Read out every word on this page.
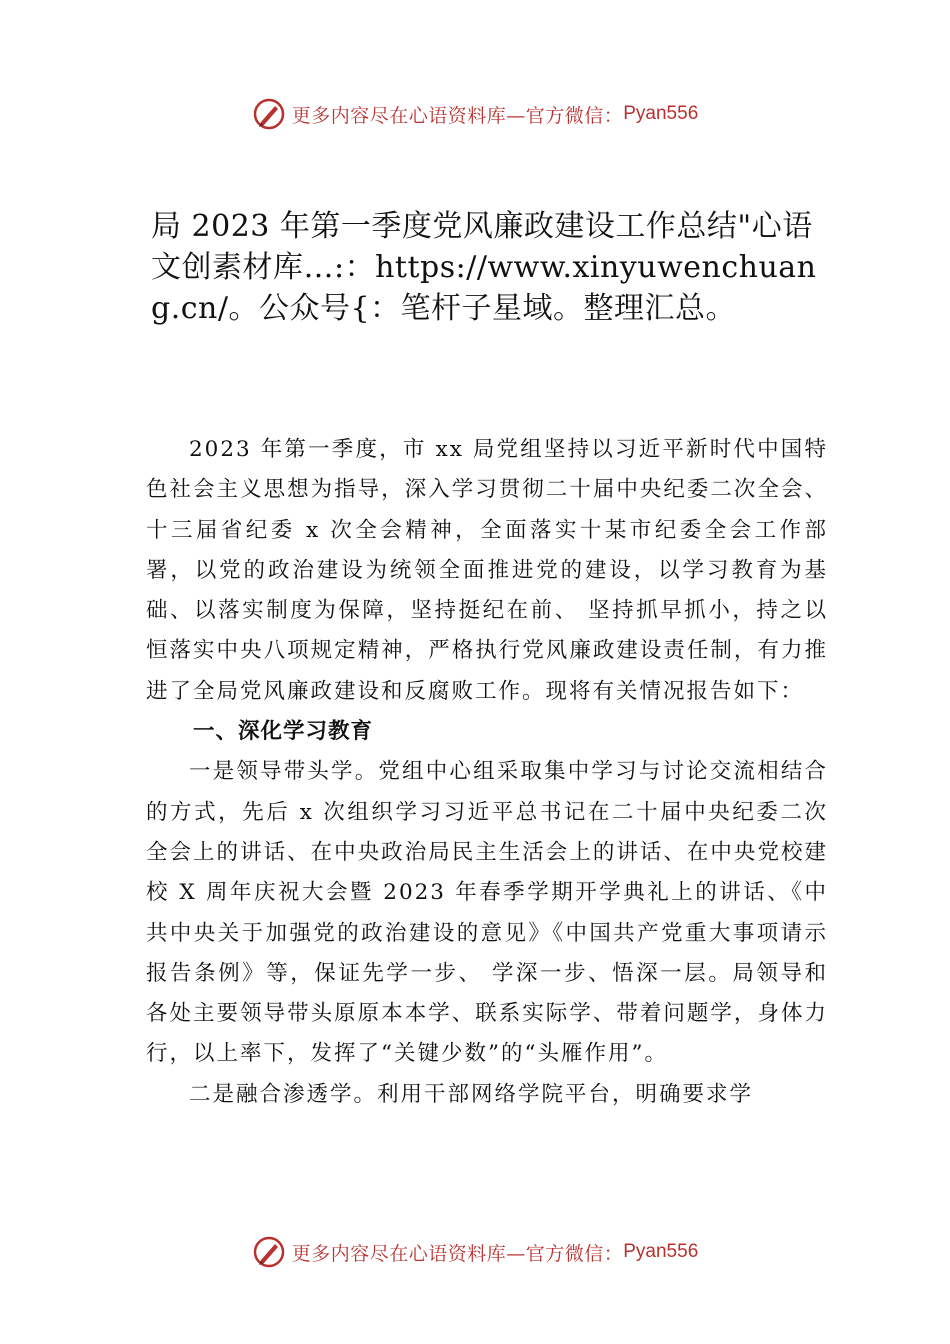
更多内容尽在心语资料库—官方微信： Pyan556
局 2023 年第一季度党风廉政建设工作总结"心语文创素材库…:：https://www.xinyuwenchuang.cn/。公众号{：笔杆子星域。整理汇总。

2023 年第一季度，市 xx 局党组坚持以习近平新时代中国特色社会主义思想为指导，深入学习贯彻二十届中央纪委二次全会、十三届省纪委 x 次全会精神，全面落实十某市纪委全会工作部署，以党的政治建设为统领全面推进党的建设，以学习教育为基础、以落实制度为保障，坚持挺纪在前、 坚持抓早抓小，持之以恒落实中央八项规定精神，严格执行党风廉政建设责任制，有力推进了全局党风廉政建设和反腐败工作。现将有关情况报告如下：

一、深化学习教育

一是领导带头学。党组中心组采取集中学习与讨论交流相结合的方式，先后 x 次组织学习习近平总书记在二十届中央纪委二次全会上的讲话、在中央政治局民主生活会上的讲话、在中央党校建校 X 周年庆祝大会暨 2023 年春季学期开学典礼上的讲话、《中共中央关于加强党的政治建设的意见》《中国共产党重大事项请示报告条例》等，保证先学一步、 学深一步、悟深一层。局领导和各处主要领导带头原原本本学、联系实际学、带着问题学，身体力行，以上率下，发挥了“关键少数”的“头雁作用”。

二是融合渗透学。利用干部网络学院平台，明确要求学

更多内容尽在心语资料库—官方微信： Pyan556
